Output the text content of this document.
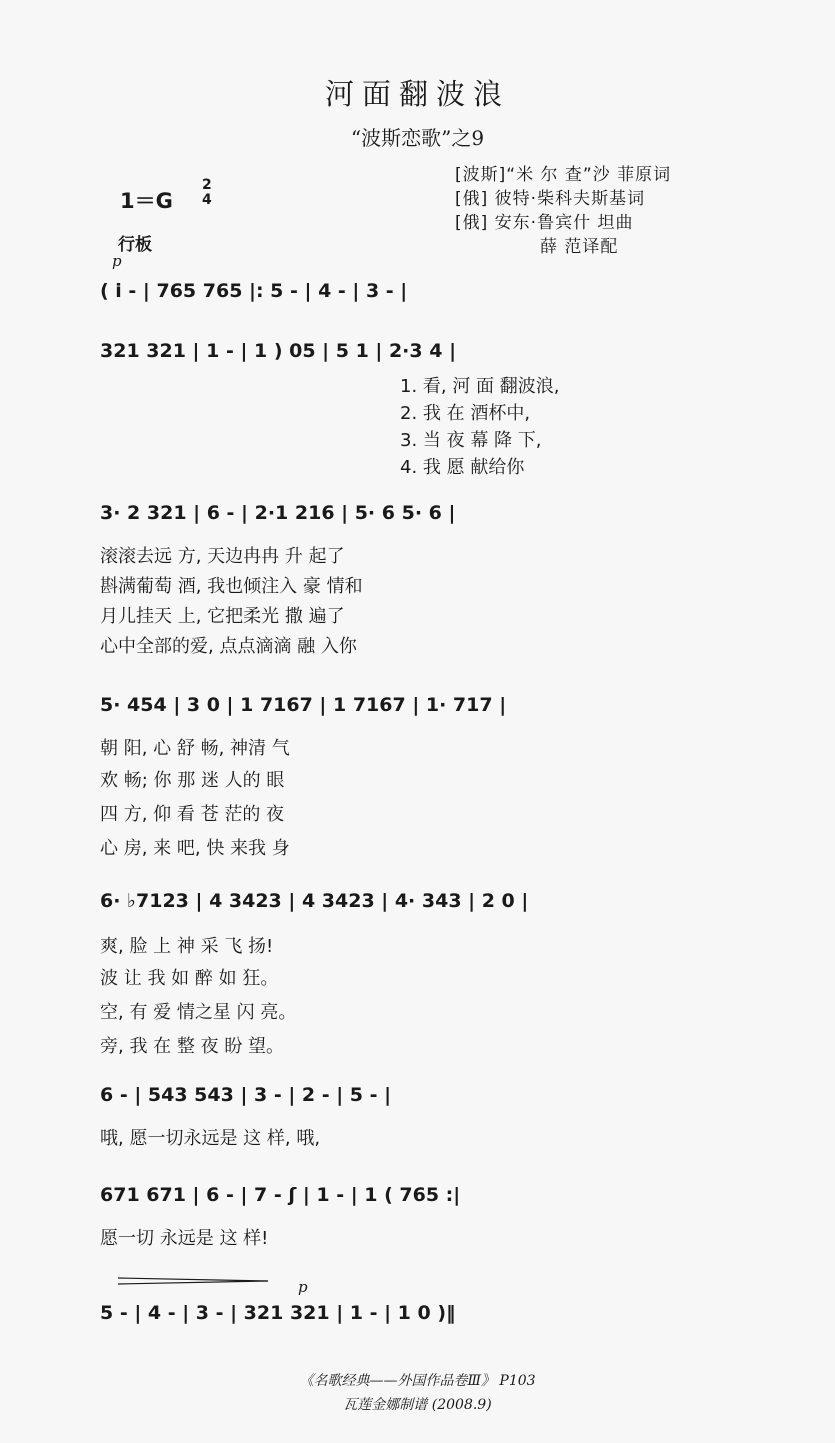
河面翻波浪
“波斯恋歌”之9
[波斯]“米 尔 查”沙 菲原词
[俄] 彼特·柴科夫斯基词
[俄] 安东·鲁宾什 坦曲
薛 范译配
1＝G
2
4
行板
p
( i - | 765 765 |: 5 - | 4 - | 3 - |
321 321 | 1 - | 1 ) 05 | 5 1 | 2·3 4 |
1. 看, 河 面 翻波浪,
2. 我 在 酒杯中,
3. 当 夜 幕 降 下,
4. 我 愿 献给你
3· 2 321 | 6 - | 2·1 216 | 5· 6 5· 6 |
滚滚去远 方, 天边冉冉 升 起了
斟满葡萄 酒, 我也倾注入 豪 情和
月儿挂天 上, 它把柔光 撒 遍了
心中全部的爱, 点点滴滴 融 入你
5· 454 | 3 0 | 1 7167 | 1 7167 | 1· 717 |
朝 阳, 心 舒 畅, 神清 气
欢 畅; 你 那 迷 人的 眼
四 方, 仰 看 苍 茫的 夜
心 房, 来 吧, 快 来我 身
6· ♭7123 | 4 3423 | 4 3423 | 4· 343 | 2 0 |
爽, 脸 上 神 采 飞 扬!
波 让 我 如 醉 如 狂。
空, 有 爱 情之星 闪 亮。
旁, 我 在 整 夜 盼 望。
6 - | 543 543 | 3 - | 2 - | 5 - |
哦, 愿一切永远是 这 样, 哦,
671 671 | 6 - | 7 - ʃ | 1 - | 1 ( 765 :|
愿一切 永远是 这 样!
p
5 - | 4 - | 3 - | 321 321 | 1 - | 1 0 )‖
《名歌经典——外国作品卷Ⅲ》 P103
瓦莲金娜制谱 (2008.9)
